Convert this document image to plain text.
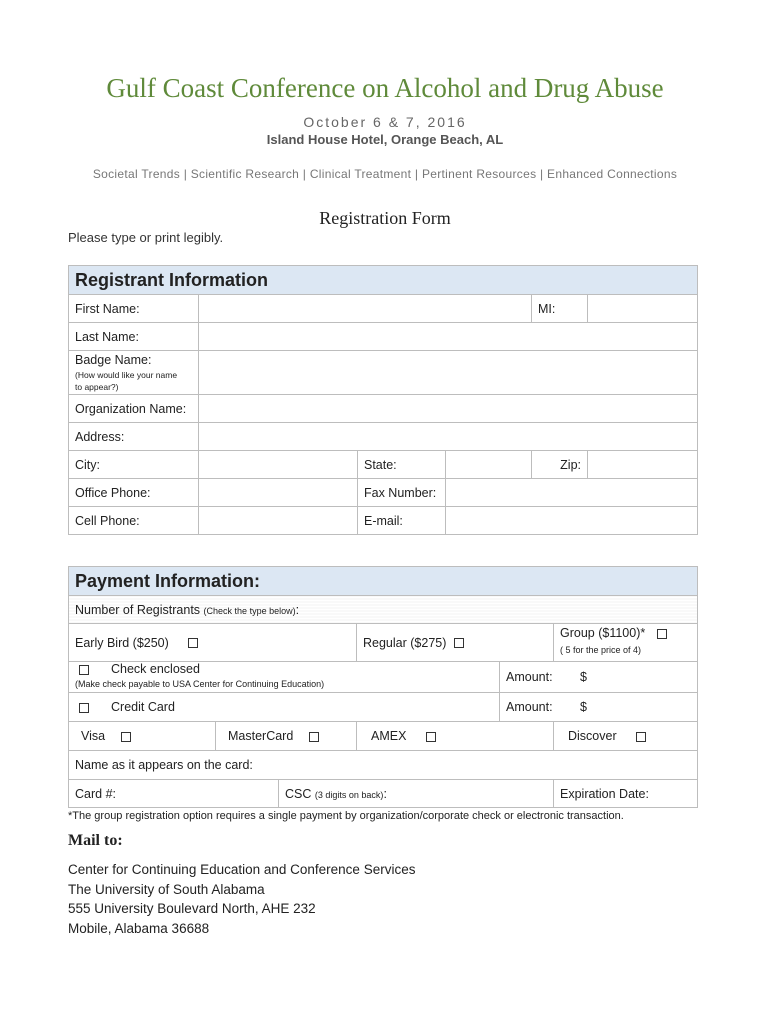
Gulf Coast Conference on Alcohol and Drug Abuse
October 6 & 7, 2016
Island House Hotel, Orange Beach, AL
Societal Trends | Scientific Research | Clinical Treatment | Pertinent Resources | Enhanced Connections
Registration Form
Please type or print legibly.
Registrant Information					
First Name:				MI:	
Last Name:					

Badge Name:
(How would like your name
to appear?)					

Organization Name:					
Address:					
City:		State:		Zip:	
Office Phone:		Fax Number:			
Cell Phone:		E-mail:			
Payment Information:					
Number of Registrants (Check the type below):					
Early Bird ($250)			Regular ($275)		Group ($1100)*
( 5 for the price of 4)

Check enclosed
(Make check payable to USA Center for Continuing Education)				Amount: $	
Credit Card				Amount: $	
Visa	MasterCard		AMEX		Discover
Name as it appears on the card:					
Card #:		CSC (3 digits on back):			Expiration Date:
*The group registration option requires a single payment by organization/corporate check or electronic transaction.
Mail to:
Center for Continuing Education and Conference Services
The University of South Alabama
555 University Boulevard North, AHE 232
Mobile, Alabama 36688
